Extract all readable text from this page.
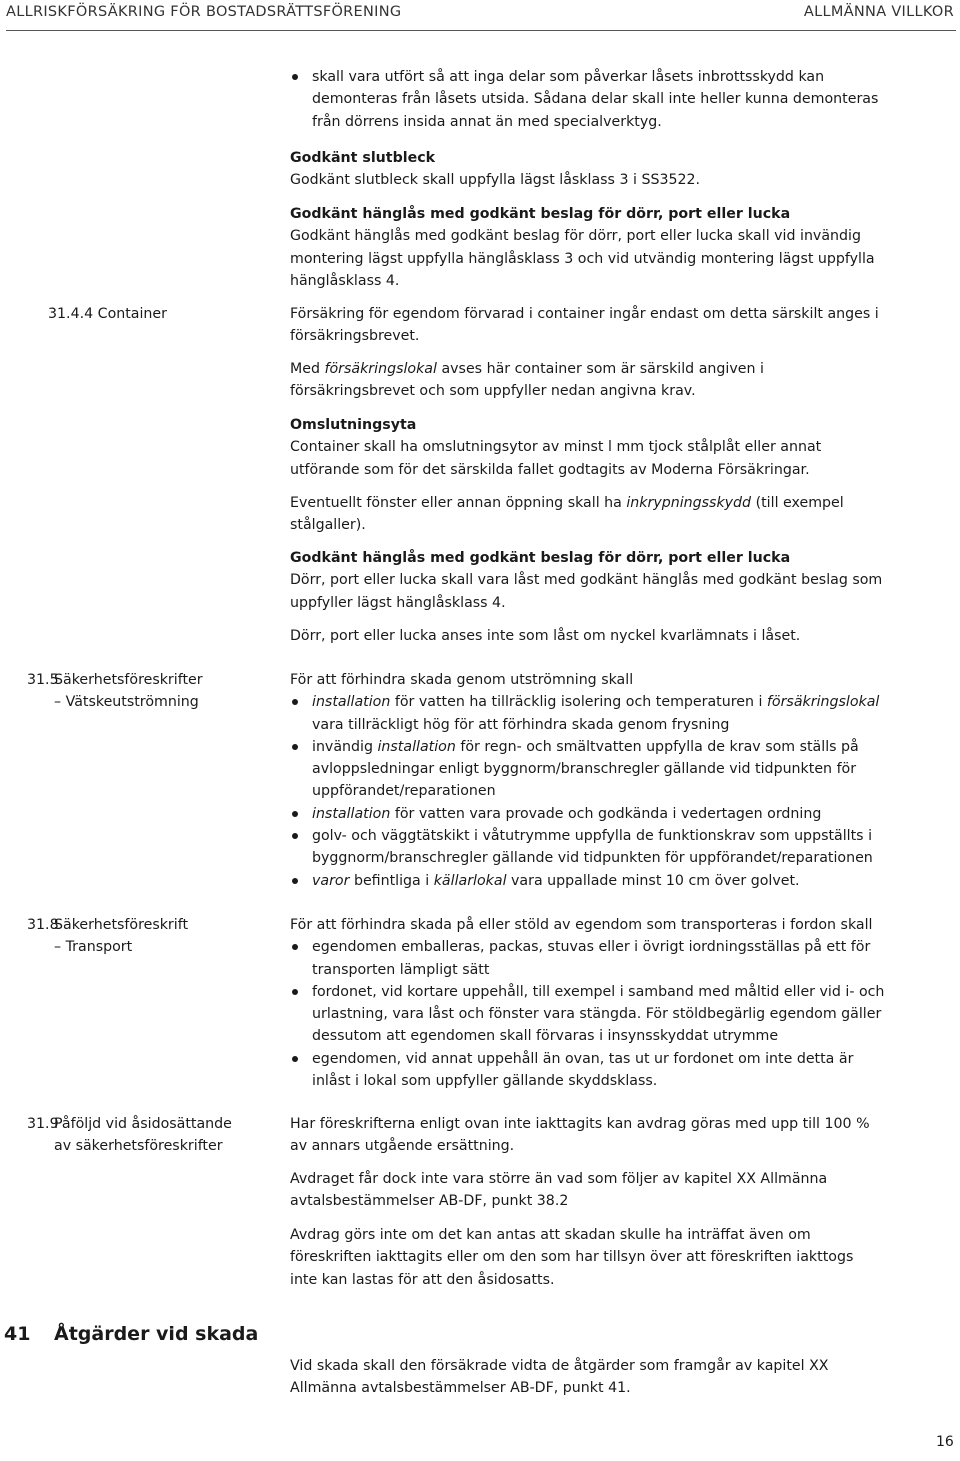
ALLRISKFÖRSÄKRING FÖR BOSTADSRÄTTSFÖRENING	ALLMÄNNA VILLKOR
skall vara utfört så att inga delar som påverkar låsets inbrottsskydd kan demonteras från låsets utsida. Sådana delar skall inte heller kunna demonteras från dörrens insida annat än med specialverktyg.
Godkänt slutbleck
Godkänt slutbleck skall uppfylla lägst låsklass 3 i SS3522.
Godkänt hänglås med godkänt beslag för dörr, port eller lucka
Godkänt hänglås med godkänt beslag för dörr, port eller lucka skall vid invändig montering lägst uppfylla hänglåsklass 3 och vid utvändig montering lägst uppfylla hänglåsklass 4.
31.4.4 Container	Försäkring för egendom förvarad i container ingår endast om detta särskilt anges i försäkringsbrevet.
Med försäkringslokal avses här container som är särskild angiven i försäkringsbrevet och som uppfyller nedan angivna krav.
Omslutningsyta
Container skall ha omslutningsytor av minst l mm tjock stålplåt eller annat utförande som för det särskilda fallet godtagits av Moderna Försäkringar.
Eventuellt fönster eller annan öppning skall ha inkrypningsskydd (till exempel stålgaller).
Godkänt hänglås med godkänt beslag för dörr, port eller lucka
Dörr, port eller lucka skall vara låst med godkänt hänglås med godkänt beslag som uppfyller lägst hänglåsklass 4.
Dörr, port eller lucka anses inte som låst om nyckel kvarlämnats i låset.
31.5
Säkerhetsföreskrifter
– Vätskeutströmning
För att förhindra skada genom utströmning skall
installation för vatten ha tillräcklig isolering och temperaturen i försäkringslokal vara tillräckligt hög för att förhindra skada genom frysning
invändig installation för regn- och smältvatten uppfylla de krav som ställs på avloppsledningar enligt byggnorm/branschregler gällande vid tidpunkten för uppförandet/reparationen
installation för vatten vara provade och godkända i vedertagen ordning
golv- och väggtätskikt i våtutrymme uppfylla de funktionskrav som uppställts i byggnorm/branschregler gällande vid tidpunkten för uppförandet/reparationen
varor befintliga i källarlokal vara uppallade minst 10 cm över golvet.
31.8
Säkerhetsföreskrift
– Transport
För att förhindra skada på eller stöld av egendom som transporteras i fordon skall
egendomen emballeras, packas, stuvas eller i övrigt iordningsställas på ett för transporten lämpligt sätt
fordonet, vid kortare uppehåll, till exempel i samband med måltid eller vid i- och urlastning, vara låst och fönster vara stängda. För stöldbegärlig egendom gäller dessutom att egendomen skall förvaras i insynsskyddat utrymme
egendomen, vid annat uppehåll än ovan, tas ut ur fordonet om inte detta är inlåst i lokal som uppfyller gällande skyddsklass.
31.9
Påföljd vid åsidosättande
av säkerhetsföreskrifter
Har föreskrifterna enligt ovan inte iakttagits kan avdrag göras med upp till 100 % av annars utgående ersättning.
Avdraget får dock inte vara större än vad som följer av kapitel XX Allmänna avtalsbestämmelser AB-DF, punkt 38.2
Avdrag görs inte om det kan antas att skadan skulle ha inträffat även om föreskriften iakttagits eller om den som har tillsyn över att föreskriften iakttogs inte kan lastas för att den åsidosatts.
41 Åtgärder vid skada
Vid skada skall den försäkrade vidta de åtgärder som framgår av kapitel XX Allmänna avtalsbestämmelser AB-DF, punkt 41.
16
